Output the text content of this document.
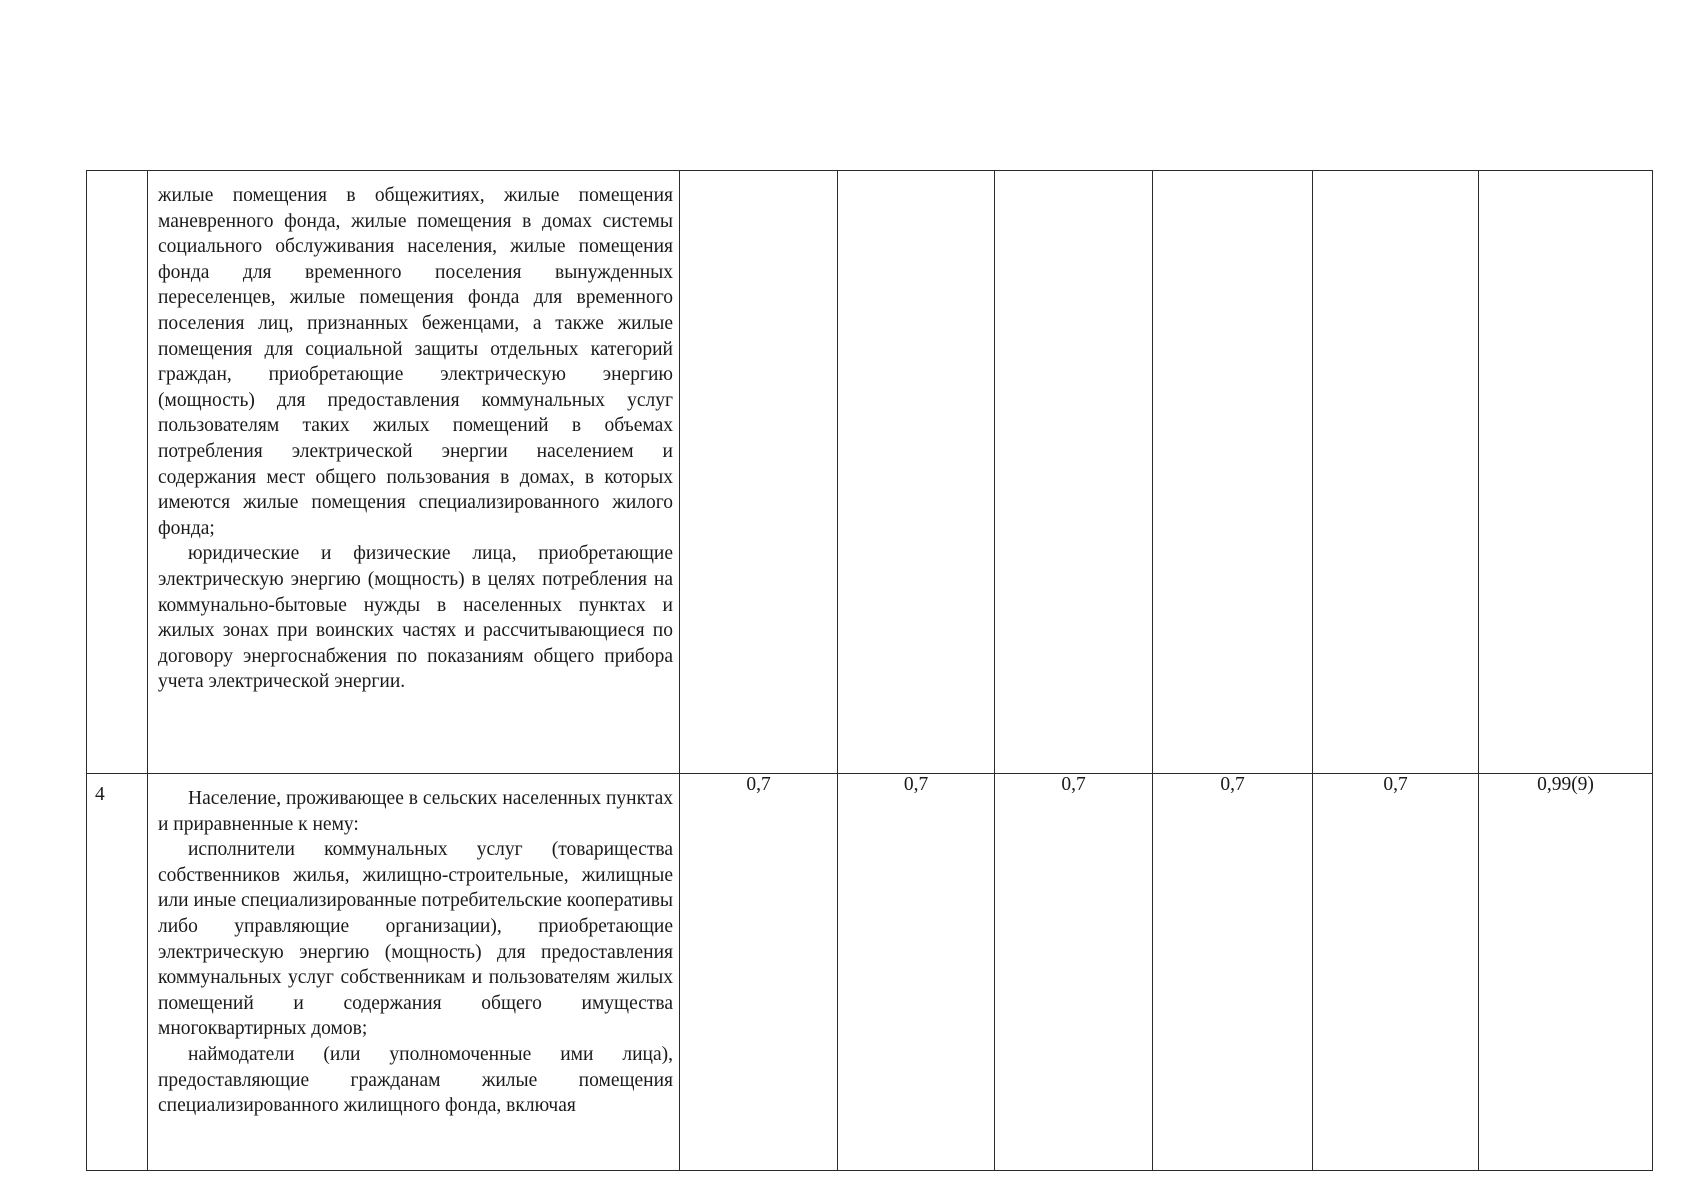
	жилые помещения в общежитиях, жилые помещения маневренного фонда, жилые помещения в домах системы социального обслуживания населения, жилые помещения фонда для временного поселения вынужденных переселенцев, жилые помещения фонда для временного поселения лиц, признанных беженцами, а также жилые помещения для социальной защиты отдельных категорий граждан, приобретающие электрическую энергию (мощность) для предоставления коммунальных услуг пользователям таких жилых помещений в объемах потребления электрической энергии населением и содержания мест общего пользования в домах, в которых имеются жилые помещения специализированного жилого фонда;

юридические и физические лица, приобретающие электрическую энергию (мощность) в целях потребления на коммунально-бытовые нужды в населенных пунктах и жилых зонах при воинских частях и рассчитывающиеся по договору энергоснабжения по показаниям общего прибора учета электрической энергии.						

4	Население, проживающее в сельских населенных пунктах и приравненные к нему:

исполнители коммунальных услуг (товарищества собственников жилья, жилищно-строительные, жилищные или иные специализированные потребительские кооперативы либо управляющие организации), приобретающие электрическую энергию (мощность) для предоставления коммунальных услуг собственникам и пользователям жилых помещений и содержания общего имущества многоквартирных домов;

наймодатели (или уполномоченные ими лица), предоставляющие гражданам жилые помещения специализированного жилищного фонда, включая	0,7	0,7	0,7	0,7	0,7	0,99(9)
